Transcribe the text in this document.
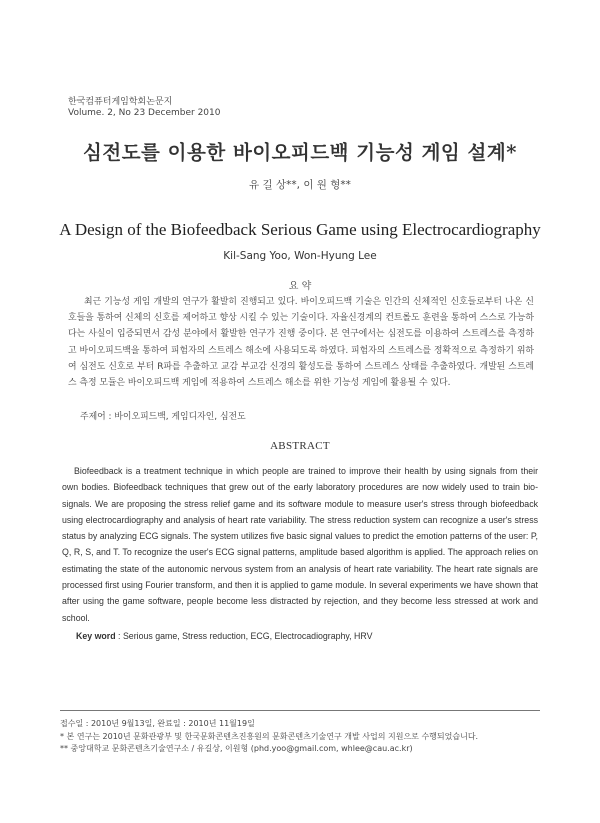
한국컴퓨터게임학회논문지
Volume. 2, No 23 December 2010
심전도를 이용한 바이오피드백 기능성 게임 설계*
유 길 상**, 이 원 형**
A Design of the Biofeedback Serious Game using Electrocardiography
Kil-Sang Yoo, Won-Hyung Lee
요 약
최근 기능성 게임 개발의 연구가 활발히 진행되고 있다. 바이오피드백 기술은 인간의 신체적인 신호들로부터 나온 신호들을 통하여 신체의 신호를 제어하고 향상 시킬 수 있는 기술이다. 자율신경계의 컨트롤도 훈련을 통하여 스스로 가능하다는 사실이 입증되면서 감성 분야에서 활발한 연구가 진행 중이다. 본 연구에서는 심전도를 이용하여 스트레스를 측정하고 바이오피드백을 통하여 피험자의 스트레스 해소에 사용되도록 하였다. 피험자의 스트레스를 정확적으로 측정하기 위하여 심전도 신호로 부터 R파를 추출하고 교감 부교감 신경의 활성도를 통하여 스트레스 상태를 추출하였다. 개발된 스트레스 측정 모듈은 바이오피드백 게임에 적용하여 스트레스 해소를 위한 기능성 게임에 활용될 수 있다.
주제어 : 바이오피드백, 게임디자인, 심전도
ABSTRACT
Biofeedback is a treatment technique in which people are trained to improve their health by using signals from their own bodies. Biofeedback techniques that grew out of the early laboratory procedures are now widely used to train bio-signals. We are proposing the stress relief game and its software module to measure user's stress through biofeedback using electrocardiography and analysis of heart rate variability. The stress reduction system can recognize a user's stress status by analyzing ECG signals. The system utilizes five basic signal values to predict the emotion patterns of the user: P, Q, R, S, and T. To recognize the user's ECG signal patterns, amplitude based algorithm is applied. The approach relies on estimating the state of the autonomic nervous system from an analysis of heart rate variability. The heart rate signals are processed first using Fourier transform, and then it is applied to game module. In several experiments we have shown that after using the game software, people become less distracted by rejection, and they become less stressed at work and school.
Key word : Serious game, Stress reduction, ECG, Electrocadiography, HRV
접수일 : 2010년 9월13일, 완료일 : 2010년 11월19일
* 본 연구는 2010년 문화관광부 및 한국문화콘텐츠진흥원의 문화콘텐츠기술연구 개발 사업의 지원으로 수행되었습니다.
** 중앙대학교 문화콘텐츠기술연구소 / 유길상, 이원형 (phd.yoo@gmail.com, whlee@cau.ac.kr)
